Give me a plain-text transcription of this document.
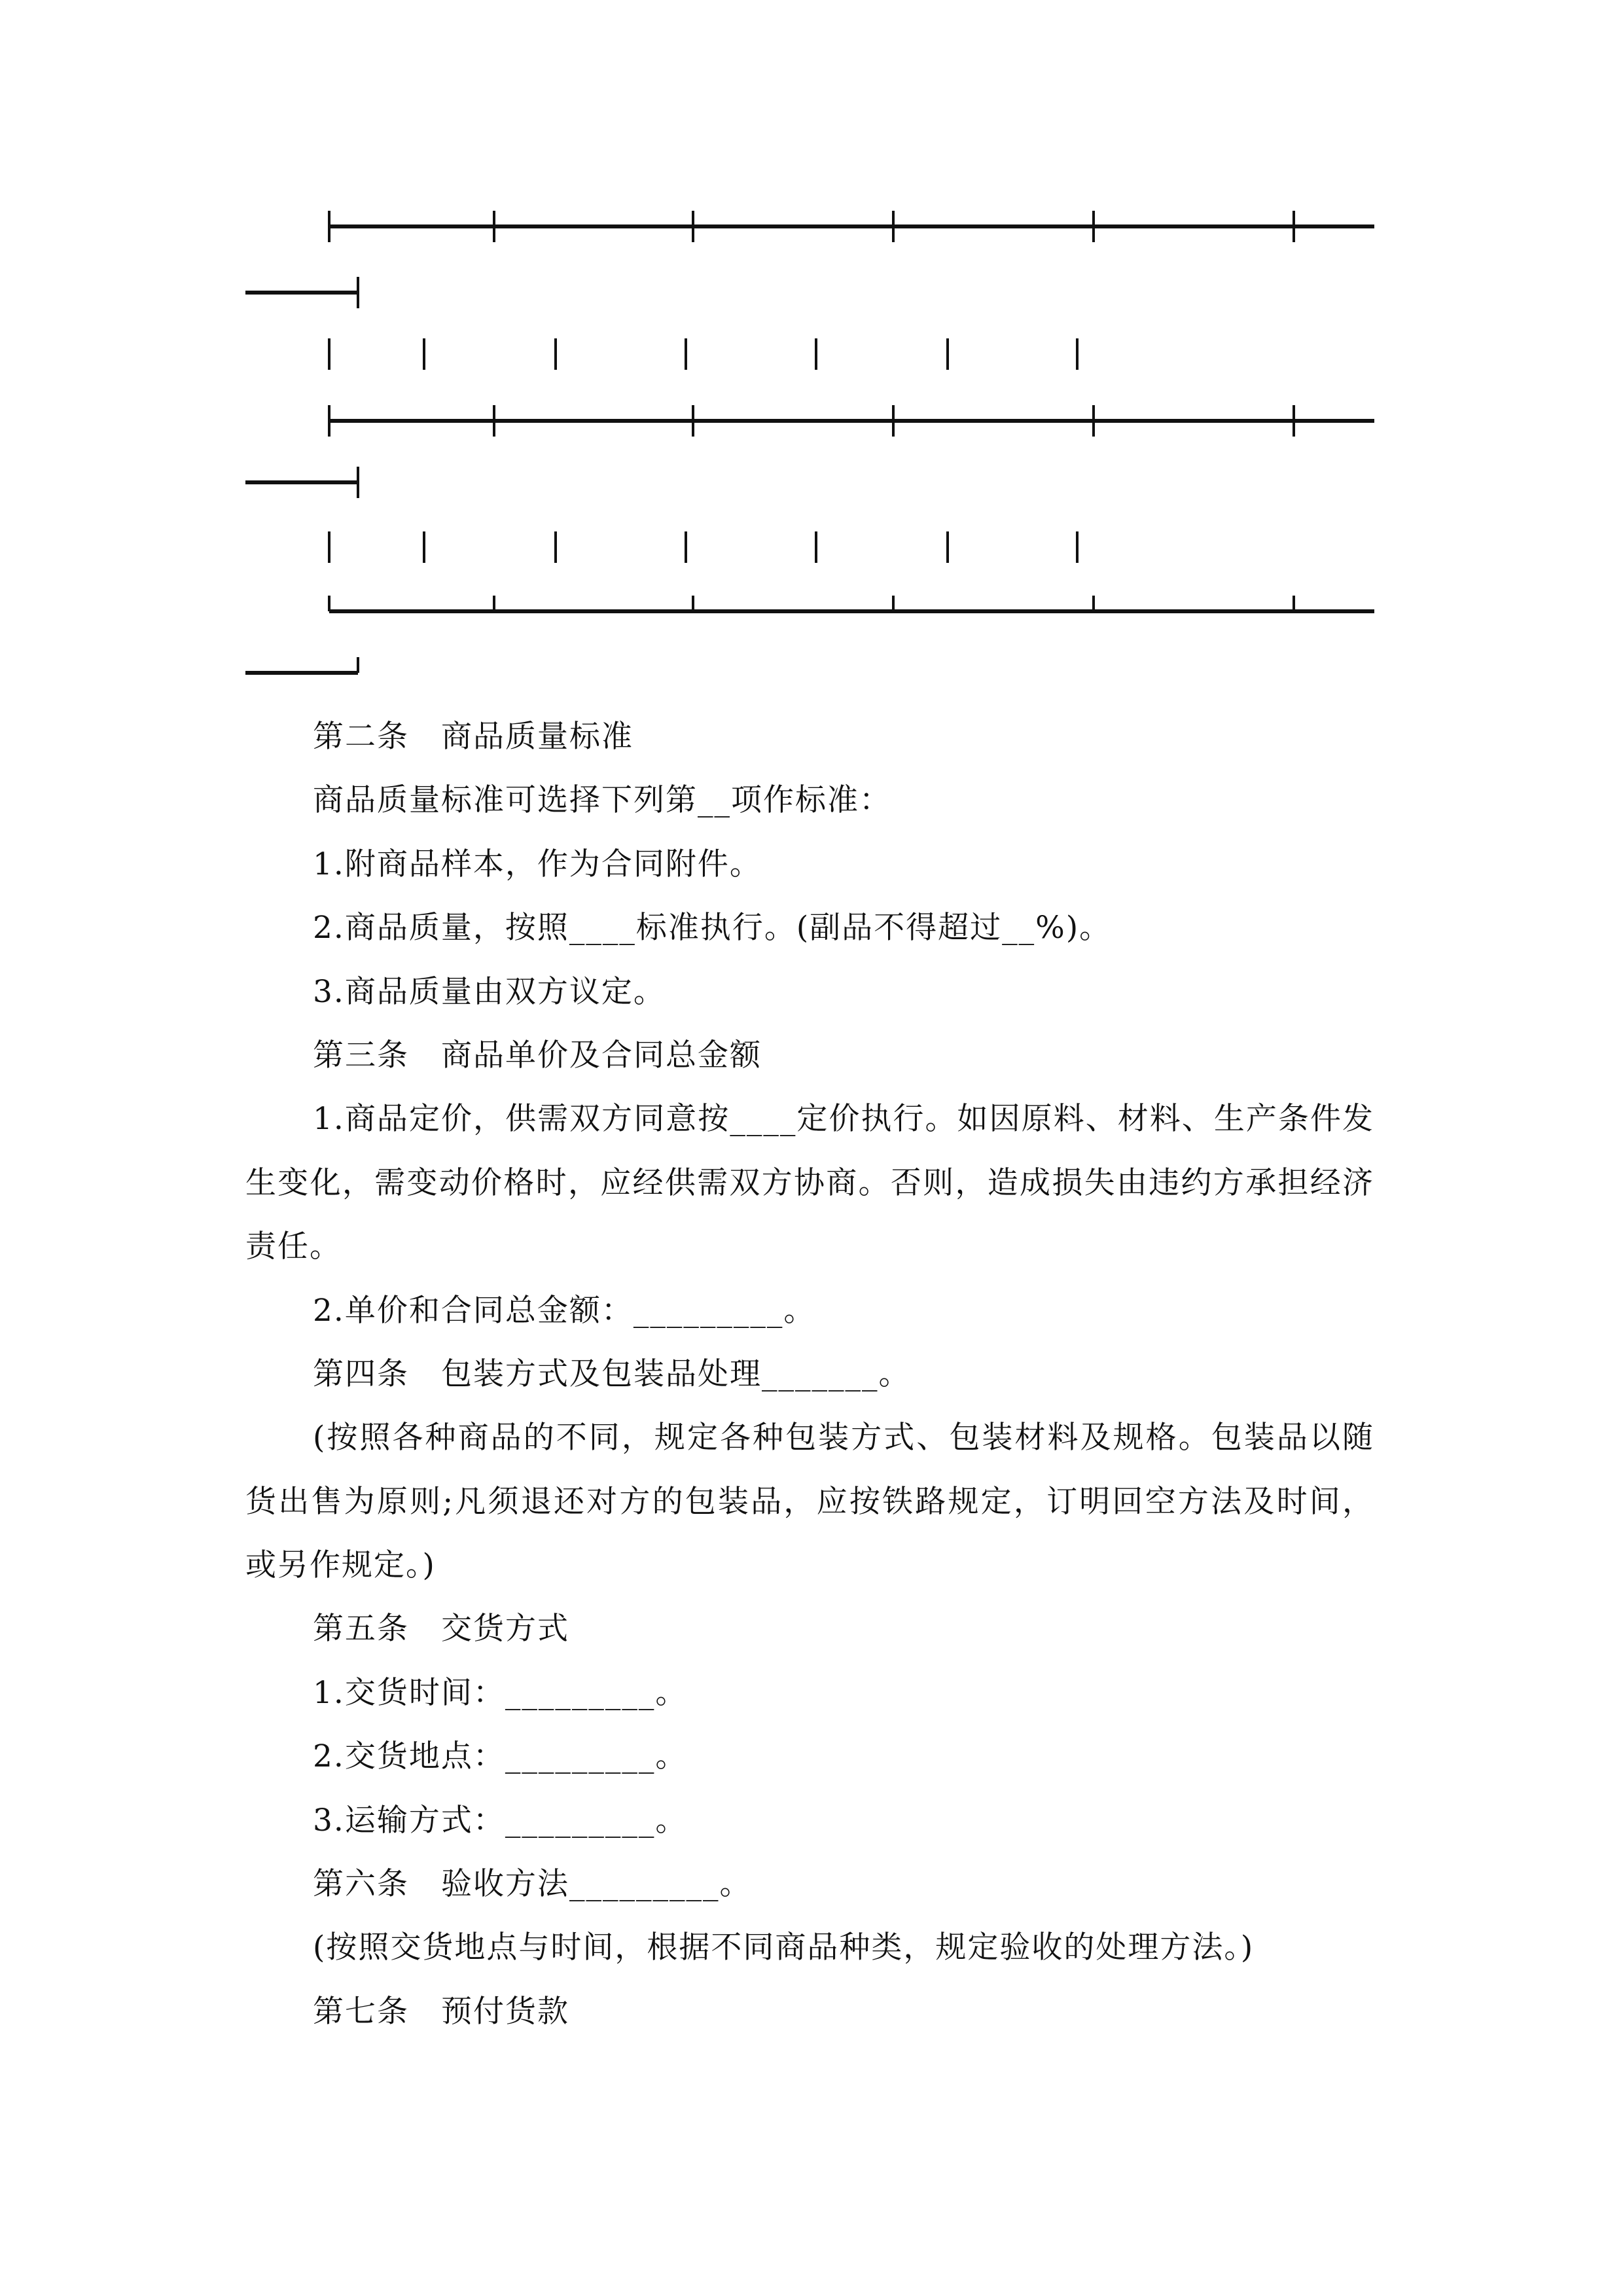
第二条　商品质量标准
商品质量标准可选择下列第__项作标准：
1.附商品样本，作为合同附件。
2.商品质量，按照____标准执行。(副品不得超过__%)。
3.商品质量由双方议定。
第三条　商品单价及合同总金额
1.商品定价，供需双方同意按____定价执行。如因原料、材料、生产条件发
生变化，需变动价格时，应经供需双方协商。否则，造成损失由违约方承担经济
责任。
2.单价和合同总金额：_________。
第四条　包装方式及包装品处理_______。
(按照各种商品的不同，规定各种包装方式、包装材料及规格。包装品以随
货出售为原则;凡须退还对方的包装品，应按铁路规定，订明回空方法及时间，
或另作规定。)
第五条　交货方式
1.交货时间：_________。
2.交货地点：_________。
3.运输方式：_________。
第六条　验收方法_________。
(按照交货地点与时间，根据不同商品种类，规定验收的处理方法。)
第七条　预付货款
